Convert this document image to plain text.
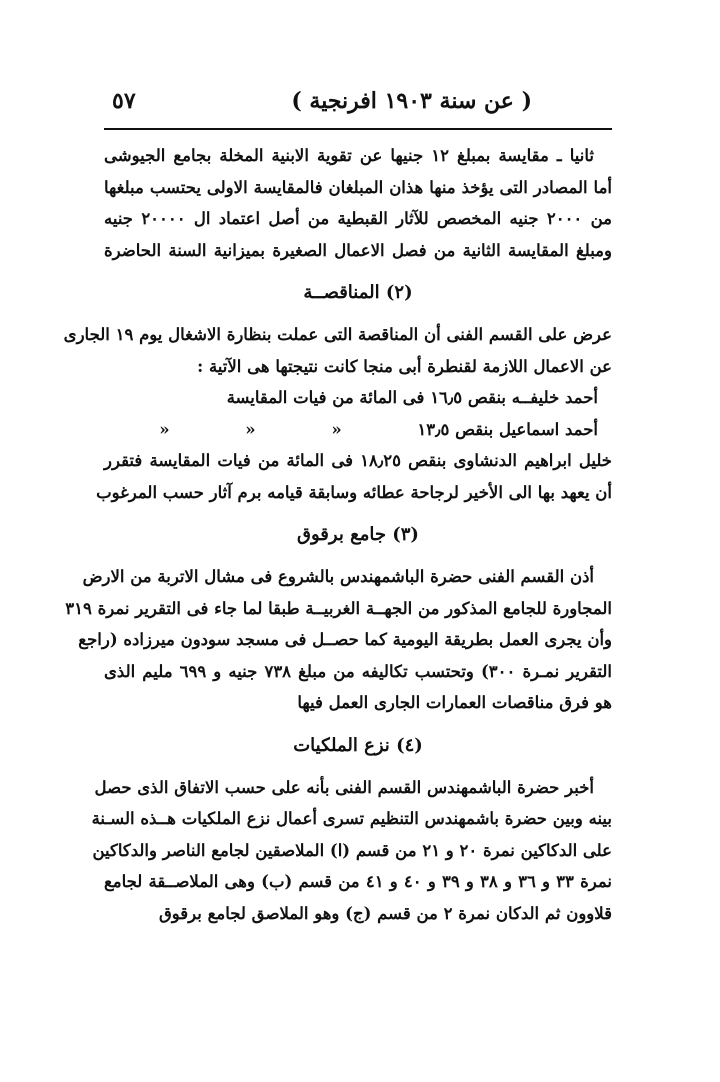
( عن سنة ١٩٠٣ افرنجية )
٥٧
ثانيا ـ مقايسة بمبلغ ١٢ جنيها عن تقوية الابنية المخلة بجامع الجيوشى
أما المصادر التى يؤخذ منها هذان المبلغان فالمقايسة الاولى يحتسب مبلغها
من ٢٠٠٠ جنيه المخصص للآثار القبطية من أصل اعتماد ال ٢٠٠٠٠ جنيه
ومبلغ المقايسة الثانية من فصل الاعمال الصغيرة بميزانية السنة الحاضرة
(٢) المناقصــة
عرض على القسم الفنى أن المناقصة التى عملت بنظارة الاشغال يوم ١٩ الجارى
عن الاعمال اللازمة لقنطرة أبى منجا كانت نتيجتها هى الآتية :
أحمد خليفــه بنقص ١٦٫٥ فى المائة من فيات المقايسة
أحمد اسماعيل بنقص ١٣٫٥ « « «
خليل ابراهيم الدنشاوى بنقص ١٨٫٢٥ فى المائة من فيات المقايسة فتقرر
أن يعهد بها الى الأخير لرجاحة عطائه وسابقة قيامه برم آثار حسب المرغوب
(٣) جامع برقوق
أذن القسم الفنى حضرة الباشمهندس بالشروع فى مشال الاتربة من الارض
المجاورة للجامع المذكور من الجهــة الغربيــة طبقا لما جاء فى التقرير نمرة ٣١٩
وأن يجرى العمل بطريقة اليومية كما حصــل فى مسجد سودون ميرزاده (راجع
التقرير نمـرة ٣٠٠) وتحتسب تكاليفه من مبلغ ٧٣٨ جنيه و ٦٩٩ مليم الذى
هو فرق مناقصات العمارات الجارى العمل فيها
(٤) نزع الملكيات
أخبر حضرة الباشمهندس القسم الفنى بأنه على حسب الاتفاق الذى حصل
بينه وبين حضرة باشمهندس التنظيم تسرى أعمال نزع الملكيات هــذه السـنة
على الدكاكين نمرة ٢٠ و ٢١ من قسم (ا) الملاصقين لجامع الناصر والدكاكين
نمرة ٣٣ و ٣٦ و ٣٨ و ٣٩ و ٤٠ و ٤١ من قسم (ب) وهى الملاصــقة لجامع
قلاوون ثم الدكان نمرة ٢ من قسم (ج) وهو الملاصق لجامع برقوق
